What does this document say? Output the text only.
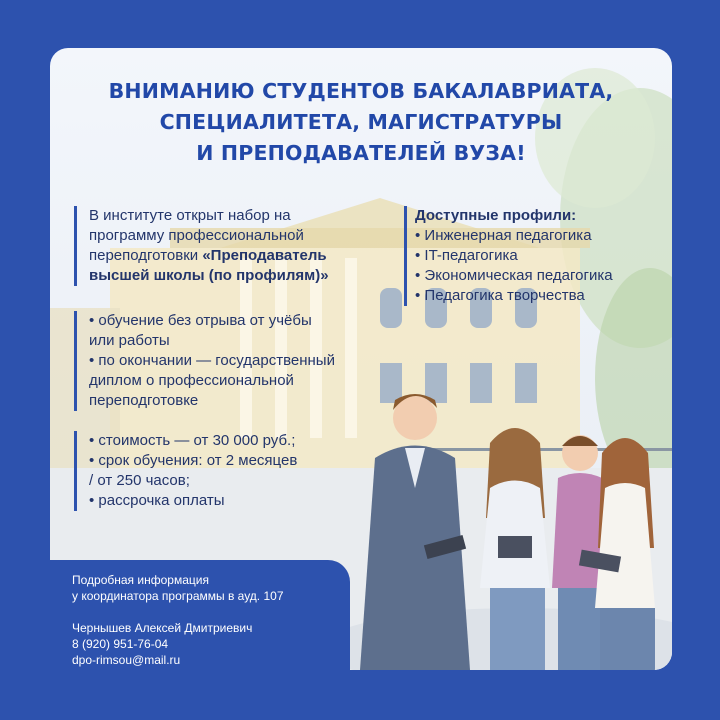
ВНИМАНИЮ СТУДЕНТОВ БАКАЛАВРИАТА,
СПЕЦИАЛИТЕТА, МАГИСТРАТУРЫ
И ПРЕПОДАВАТЕЛЕЙ ВУЗА!
В институте открыт набор на
программу профессиональной
переподготовки «Преподаватель
высшей школы (по профилям)»
• обучение без отрыва от учёбы
или работы
• по окончании — государственный
диплом о профессиональной
переподготовке
• стоимость — от 30 000 руб.;
• срок обучения: от 2 месяцев
/ от 250 часов;
• рассрочка оплаты
Доступные профили:
• Инженерная педагогика
• IT-педагогика
• Экономическая педагогика
• Педагогика творчества
Подробная информация
у координатора программы в ауд. 107
Чернышев Алексей Дмитриевич
8 (920) 951-76-04
dpo-rimsou@mail.ru
